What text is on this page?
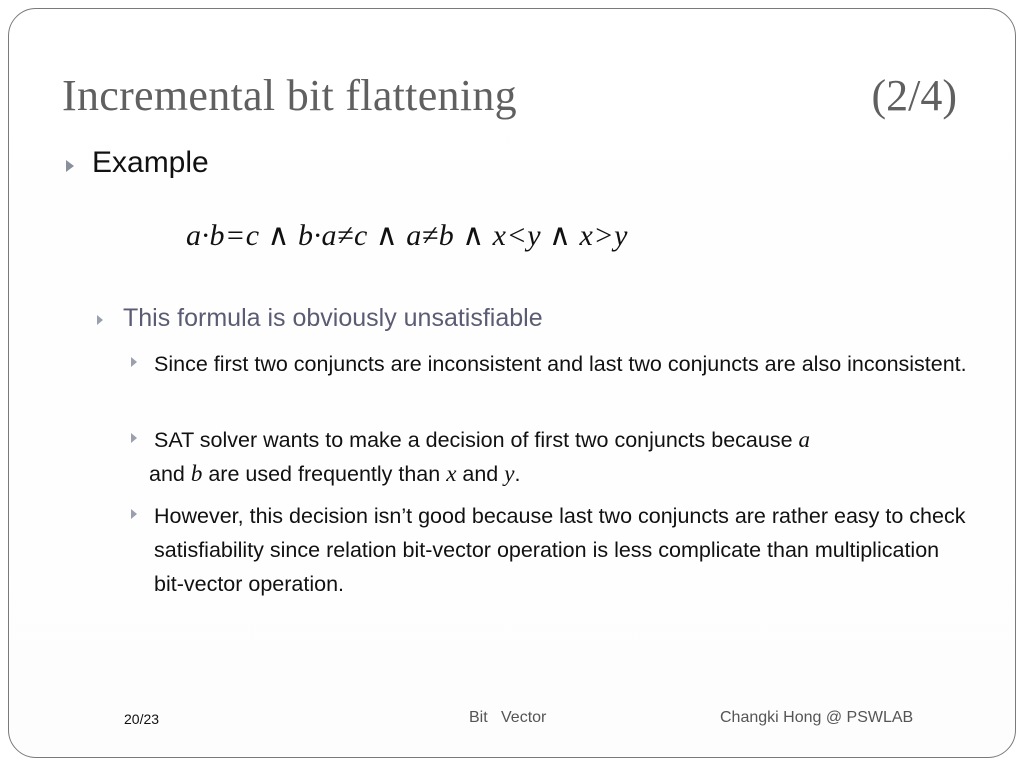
Incremental bit flattening	(2/4)
Example
a·b=c ∧ b·a≠c ∧ a≠b ∧ x<y ∧ x>y
This formula is obviously unsatisfiable
Since first two conjuncts are inconsistent and last two conjuncts are also inconsistent.
SAT solver wants to make a decision of first two conjuncts because a
and b are used frequently than x and y.
However, this decision isn’t good because last two conjuncts are rather easy to check satisfiability since relation bit-vector operation is less complicate than multiplication bit-vector operation.
20/23	Bit   Vector	Changki Hong @ PSWLAB
